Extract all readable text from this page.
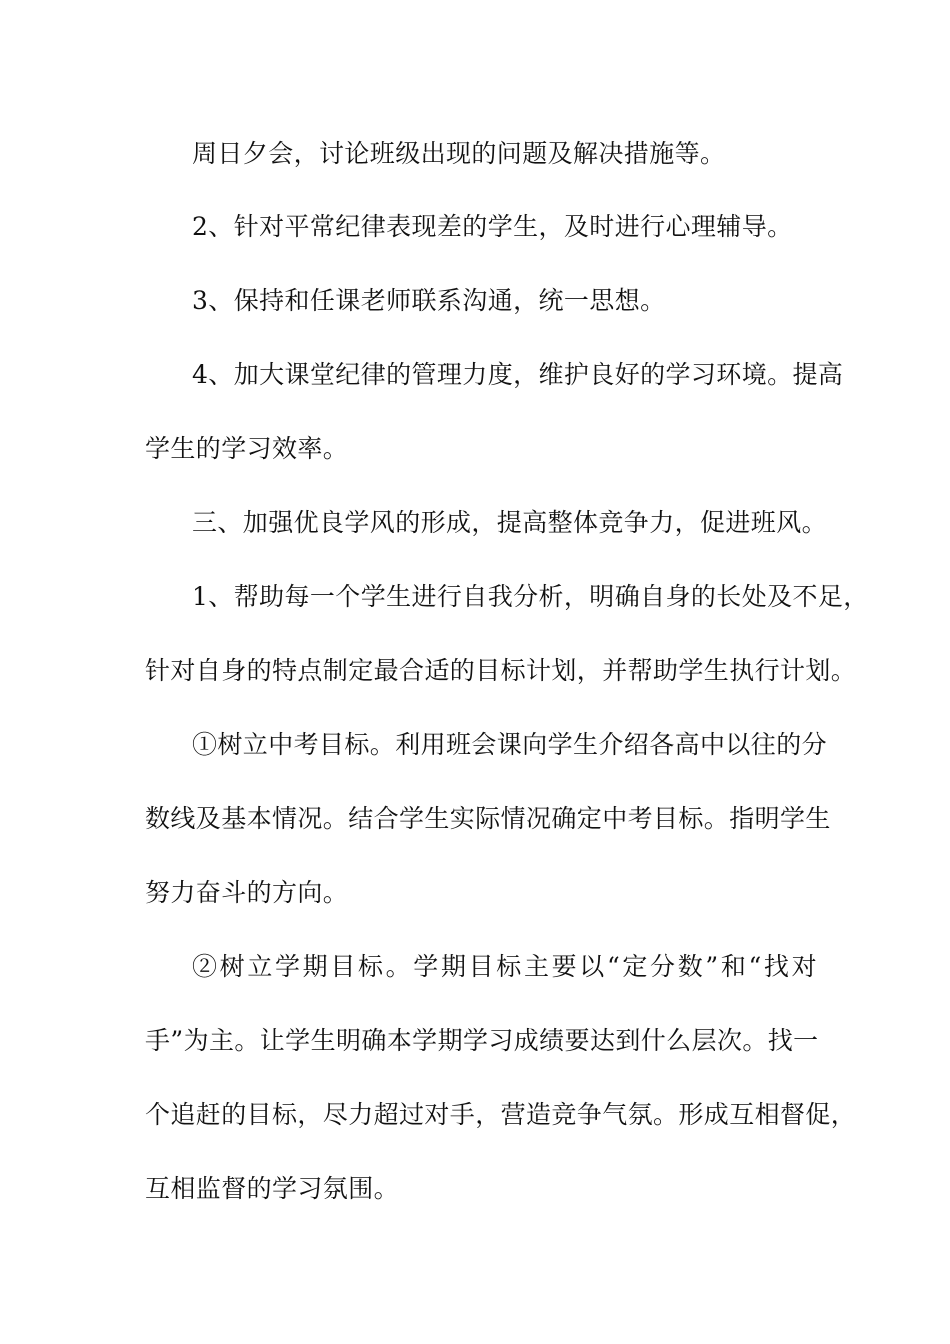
周日夕会，讨论班级出现的问题及解决措施等。
2、针对平常纪律表现差的学生，及时进行心理辅导。
3、保持和任课老师联系沟通，统一思想。
4、加大课堂纪律的管理力度，维护良好的学习环境。提高
学生的学习效率。
三、加强优良学风的形成，提高整体竞争力，促进班风。
1、帮助每一个学生进行自我分析，明确自身的长处及不足，
针对自身的特点制定最合适的目标计划，并帮助学生执行计划。
①树立中考目标。利用班会课向学生介绍各高中以往的分
数线及基本情况。结合学生实际情况确定中考目标。指明学生
努力奋斗的方向。
②树立学期目标。学期目标主要以“定分数”和“找对
手”为主。让学生明确本学期学习成绩要达到什么层次。找一
个追赶的目标，尽力超过对手，营造竞争气氛。形成互相督促，
互相监督的学习氛围。
